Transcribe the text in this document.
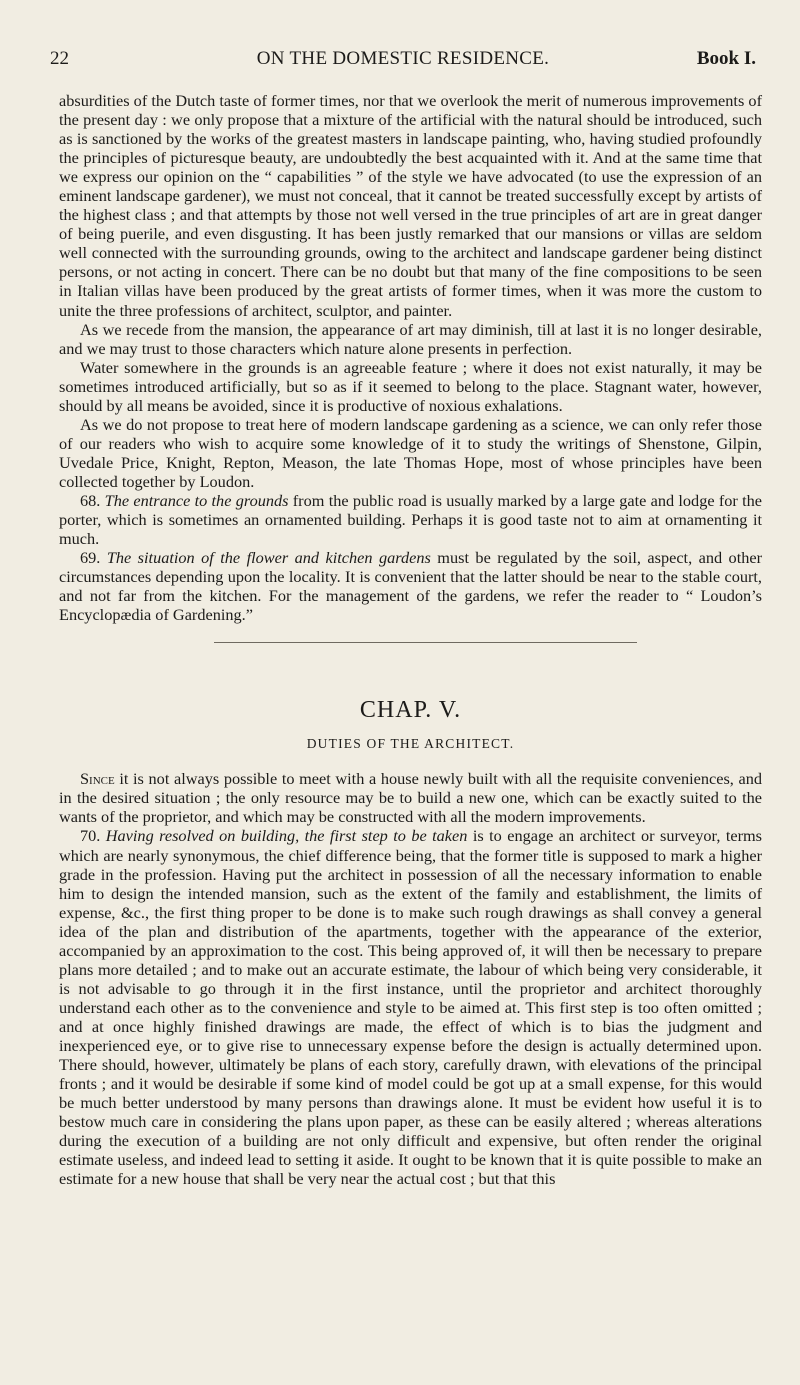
22	ON THE DOMESTIC RESIDENCE.	Book I.

absurdities of the Dutch taste of former times, nor that we overlook the merit of numerous improvements of the present day : we only propose that a mixture of the artificial with the natural should be introduced, such as is sanctioned by the works of the greatest masters in landscape painting, who, having studied profoundly the principles of picturesque beauty, are undoubtedly the best acquainted with it. And at the same time that we express our opinion on the “ capabilities ” of the style we have advocated (to use the expression of an eminent landscape gardener), we must not conceal, that it cannot be treated successfully except by artists of the highest class ; and that attempts by those not well versed in the true principles of art are in great danger of being puerile, and even disgusting. It has been justly remarked that our mansions or villas are seldom well connected with the surrounding grounds, owing to the architect and landscape gardener being distinct persons, or not acting in concert. There can be no doubt but that many of the fine compositions to be seen in Italian villas have been produced by the great artists of former times, when it was more the custom to unite the three professions of architect, sculptor, and painter.

As we recede from the mansion, the appearance of art may diminish, till at last it is no longer desirable, and we may trust to those characters which nature alone presents in perfection.

Water somewhere in the grounds is an agreeable feature ; where it does not exist naturally, it may be sometimes introduced artificially, but so as if it seemed to belong to the place. Stagnant water, however, should by all means be avoided, since it is productive of noxious exhalations.

As we do not propose to treat here of modern landscape gardening as a science, we can only refer those of our readers who wish to acquire some knowledge of it to study the writings of Shenstone, Gilpin, Uvedale Price, Knight, Repton, Meason, the late Thomas Hope, most of whose principles have been collected together by Loudon.

68. The entrance to the grounds from the public road is usually marked by a large gate and lodge for the porter, which is sometimes an ornamented building. Perhaps it is good taste not to aim at ornamenting it much.

69. The situation of the flower and kitchen gardens must be regulated by the soil, aspect, and other circumstances depending upon the locality. It is convenient that the latter should be near to the stable court, and not far from the kitchen. For the management of the gardens, we refer the reader to “ Loudon’s Encyclopædia of Gardening.”

CHAP. V.
DUTIES OF THE ARCHITECT.

Since it is not always possible to meet with a house newly built with all the requisite conveniences, and in the desired situation ; the only resource may be to build a new one, which can be exactly suited to the wants of the proprietor, and which may be constructed with all the modern improvements.

70. Having resolved on building, the first step to be taken is to engage an architect or surveyor, terms which are nearly synonymous, the chief difference being, that the former title is supposed to mark a higher grade in the profession. Having put the architect in possession of all the necessary information to enable him to design the intended mansion, such as the extent of the family and establishment, the limits of expense, &c., the first thing proper to be done is to make such rough drawings as shall convey a general idea of the plan and distribution of the apartments, together with the appearance of the exterior, accompanied by an approximation to the cost. This being approved of, it will then be necessary to prepare plans more detailed ; and to make out an accurate estimate, the labour of which being very considerable, it is not advisable to go through it in the first instance, until the proprietor and architect thoroughly understand each other as to the convenience and style to be aimed at. This first step is too often omitted ; and at once highly finished drawings are made, the effect of which is to bias the judgment and inexperienced eye, or to give rise to unnecessary expense before the design is actually determined upon. There should, however, ultimately be plans of each story, carefully drawn, with elevations of the principal fronts ; and it would be desirable if some kind of model could be got up at a small expense, for this would be much better understood by many persons than drawings alone. It must be evident how useful it is to bestow much care in considering the plans upon paper, as these can be easily altered ; whereas alterations during the execution of a building are not only difficult and expensive, but often render the original estimate useless, and indeed lead to setting it aside. It ought to be known that it is quite possible to make an estimate for a new house that shall be very near the actual cost ; but that this
